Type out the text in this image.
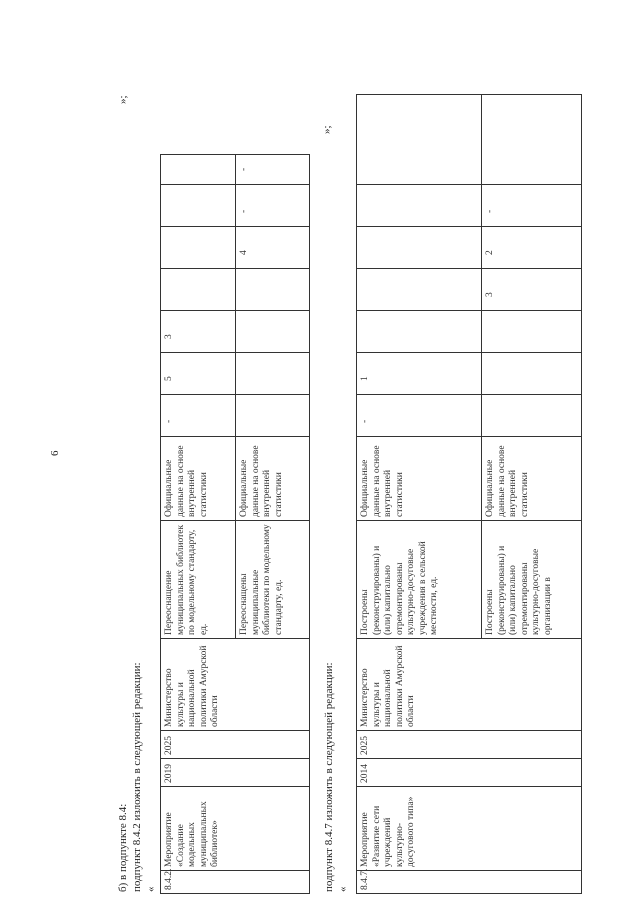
6
б) в подпункте 8.4: подпункт 8.4.2 изложить в следующей редакции: « 8.4.2.
Мероприятие «Создание модельных муниципальных библиотек»
2019
2025
Министерство культуры и национальной политики Амурской области
Переоснащение муниципальных библиотек по модельному стандарту, ед.
Официальные данные на основе внутренней статистики
-
5
3
Переоснащены муниципальные библиотеки по модельному стандарту, ед.
Официальные данные на основе внутренней статистики
4
-
-
»;
подпункт 8.4.7 изложить в следующей редакции: « 8.4.7.
Мероприятие «Развитие сети учреждений культурно-досугового типа»
2014
2025
Министерство культуры и национальной политики Амурской области
Построены (реконструированы) и (или) капитально отремонтированы культурно-досуговые учреждения в сельской местности, ед.
Официальные данные на основе внутренней статистики
-
1
Построены (реконструированы) и (или) капитально отремонтированы культурно-досуговые организации в
Официальные данные на основе внутренней статистики
3
2
-
»;
